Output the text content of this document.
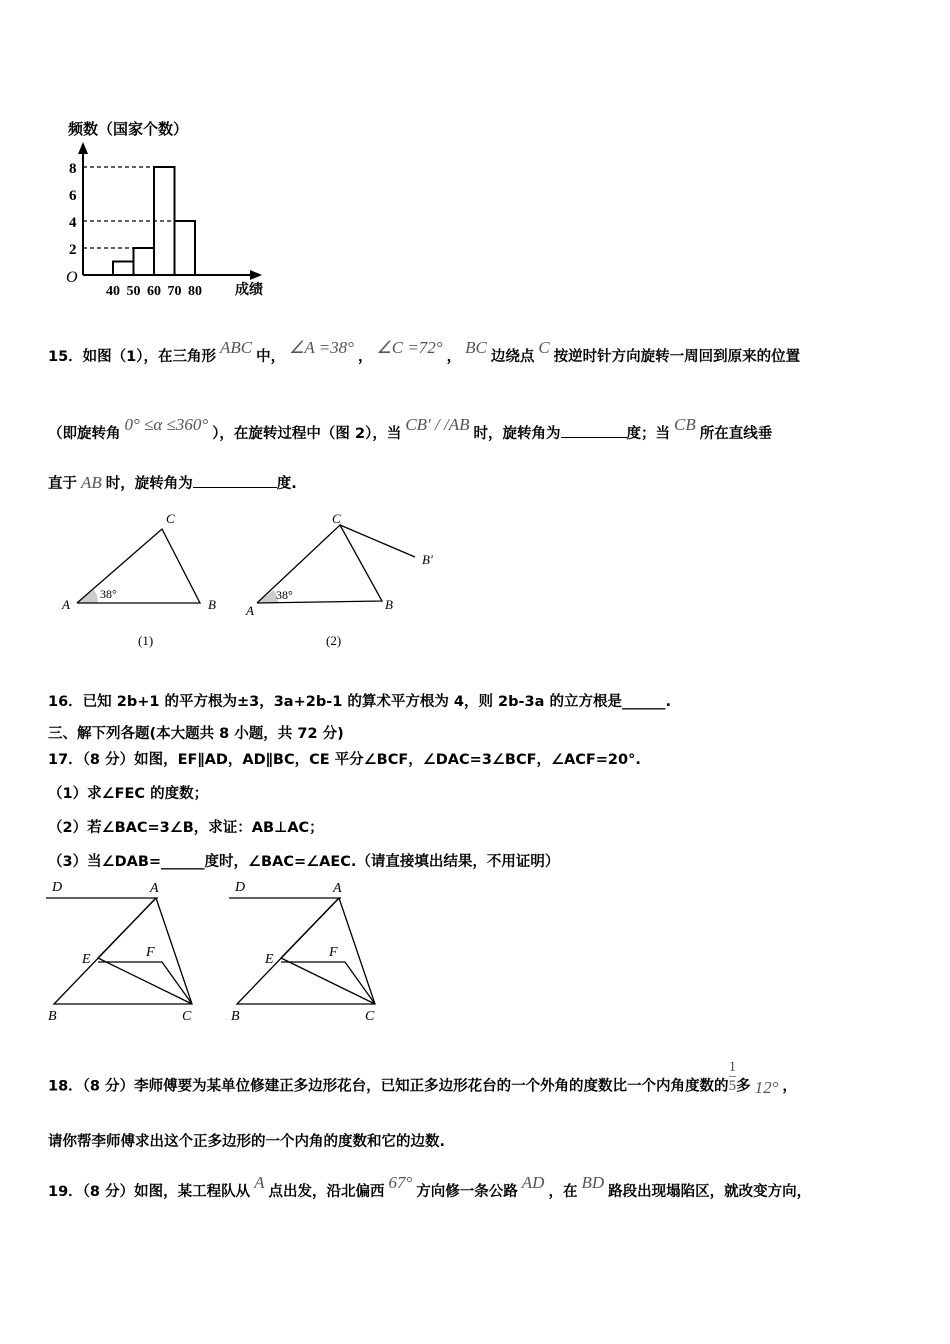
频数（国家个数）
O
成绩
2
4
6
8
40 50 60 70 80
15．如图（1），在三角形 ABC 中， ∠A =38° ， ∠C =72° ， BC 边绕点 C 按逆时针方向旋转一周回到原来的位置
（即旋转角 0° ≤α ≤360° ），在旋转过程中（图 2），当 CB′ / /AB 时，旋转角为	度；当 CB 所在直线垂
直于 AB 时，旋转角为	度.
A	B
C
38°
(1)
A	B
C
B′
38°
(2)
16．已知 2b+1 的平方根为±3，3a+2b-1 的算术平方根为 4，则 2b-3a 的立方根是______.
三、解下列各题(本大题共 8 小题，共 72 分)
17．（8 分）如图，EF∥AD，AD∥BC，CE 平分∠BCF，∠DAC=3∠BCF，∠ACF=20°.
（1）求∠FEC 的度数；
（2）若∠BAC=3∠B，求证：AB⊥AC；
（3）当∠DAB=______度时，∠BAC=∠AEC.（请直接填出结果，不用证明）
D	A
E	F
B	C
D	A
E	F
B	C
18．（8 分）李师傅要为某单位修建正多边形花台，已知正多边形花台的一个外角的度数比一个内角度数的 $\frac{1}{5}$ 多 12° ，
请你帮李师傅求出这个正多边形的一个内角的度数和它的边数.
19．（8 分）如图，某工程队从 A 点出发，沿北偏西 67° 方向修一条公路 AD ，在 BD 路段出现塌陷区，就改变方向，
